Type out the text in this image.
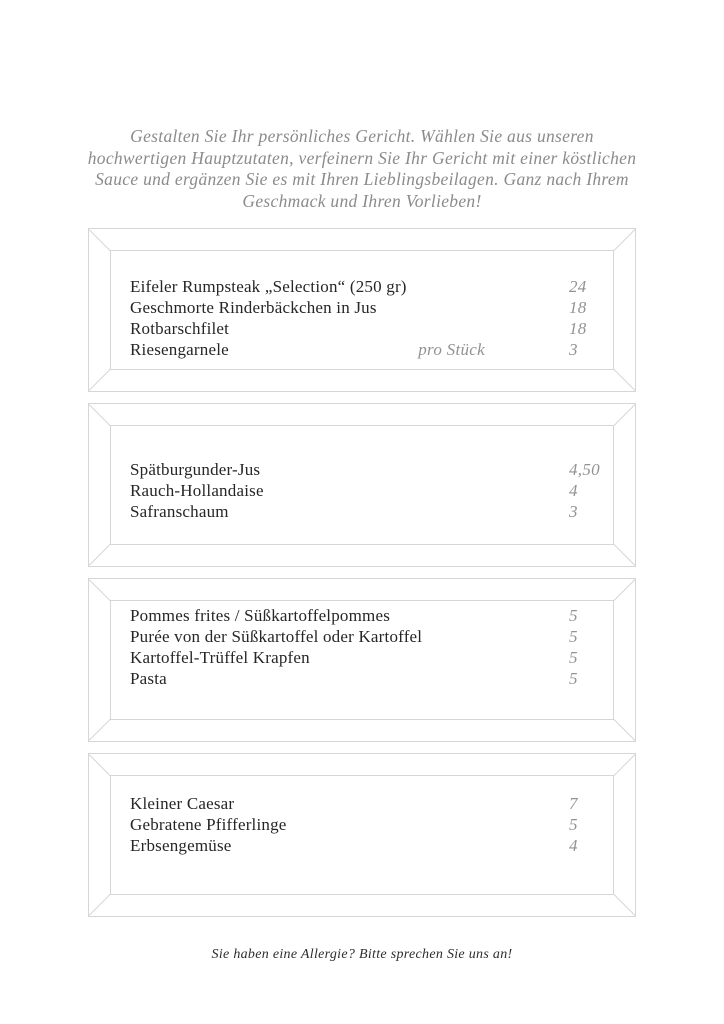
Gestalten Sie Ihr persönliches Gericht. Wählen Sie aus unseren
hochwertigen Hauptzutaten, verfeinern Sie Ihr Gericht mit einer köstlichen
Sauce und ergänzen Sie es mit Ihren Lieblingsbeilagen. Ganz nach Ihrem
Geschmack und Ihren Vorlieben!
Eifeler Rumpsteak „Selection“ (250 gr)	24
Geschmorte Rinderbäckchen in Jus	18
Rotbarschfilet	18
Riesengarnele	pro Stück	3
Spätburgunder-Jus	4,50
Rauch-Hollandaise	4
Safranschaum	3
Pommes frites / Süßkartoffelpommes	5
Purée von der Süßkartoffel oder Kartoffel	5
Kartoffel-Trüffel Krapfen	5
Pasta	5
Kleiner Caesar	7
Gebratene Pfifferlinge	5
Erbsengemüse	4
Sie haben eine Allergie? Bitte sprechen Sie uns an!
